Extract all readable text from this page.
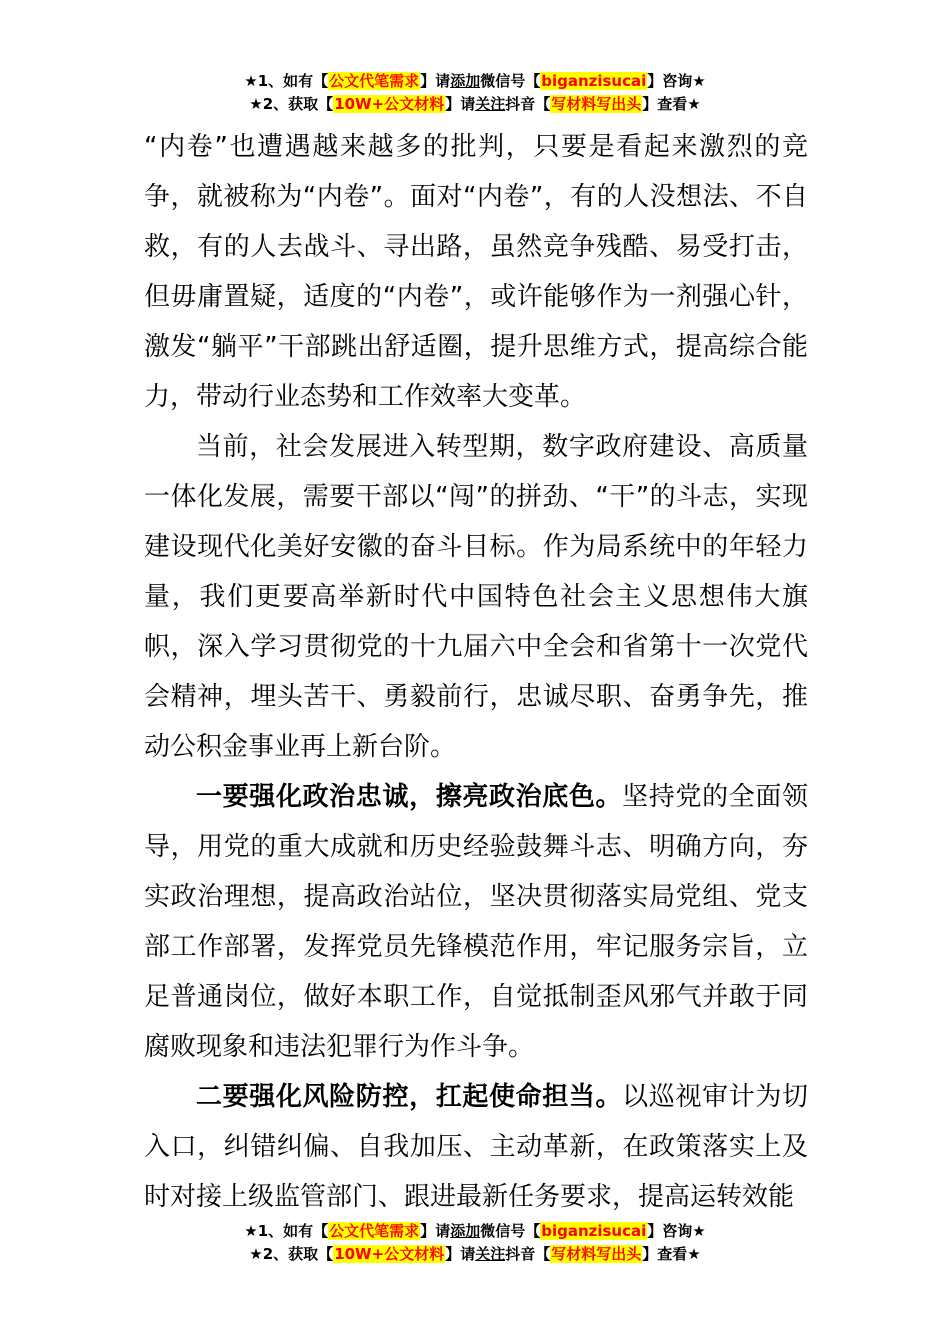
★1、如有【公文代笔需求】请添加微信号【biganzisucai】咨询★
★2、获取【10W+公文材料】请关注抖音【写材料写出头】查看★

“内卷”也遭遇越来越多的批判，只要是看起来激烈的竞争，就被称为“内卷”。面对“内卷”，有的人没想法、不自救，有的人去战斗、寻出路，虽然竞争残酷、易受打击，但毋庸置疑，适度的“内卷”，或许能够作为一剂强心针，激发“躺平”干部跳出舒适圈，提升思维方式，提高综合能力，带动行业态势和工作效率大变革。

当前，社会发展进入转型期，数字政府建设、高质量一体化发展，需要干部以“闯”的拼劲、“干”的斗志，实现建设现代化美好安徽的奋斗目标。作为局系统中的年轻力量，我们更要高举新时代中国特色社会主义思想伟大旗帜，深入学习贯彻党的十九届六中全会和省第十一次党代会精神，埋头苦干、勇毅前行，忠诚尽职、奋勇争先，推动公积金事业再上新台阶。

一要强化政治忠诚，擦亮政治底色。坚持党的全面领导，用党的重大成就和历史经验鼓舞斗志、明确方向，夯实政治理想，提高政治站位，坚决贯彻落实局党组、党支部工作部署，发挥党员先锋模范作用，牢记服务宗旨，立足普通岗位，做好本职工作，自觉抵制歪风邪气并敢于同腐败现象和违法犯罪行为作斗争。

二要强化风险防控，扛起使命担当。以巡视审计为切入口，纠错纠偏、自我加压、主动革新，在政策落实上及时对接上级监管部门、跟进最新任务要求，提高运转效能

★1、如有【公文代笔需求】请添加微信号【biganzisucai】咨询★
★2、获取【10W+公文材料】请关注抖音【写材料写出头】查看★
